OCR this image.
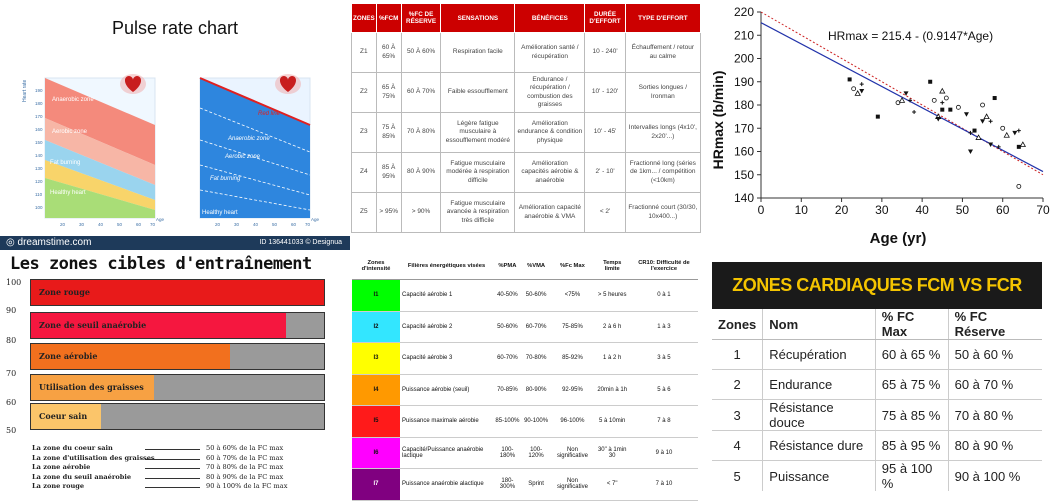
Pulse rate chart
Anaerobic zone
Aerobic zone
Fat burning
Healthy heart
Heart rate
Red line
Anaerobic zone
Aerobic zone
Fat burning
Healthy heart
190
180
170
160
150
140
130
120
110
100
20	30	40	50	60 70
Age
20	30	40	50	60 70
Age
◎ dreamstime.com	ID 136441033 © Designua
ZONES	%FCM	%FC DE RÉSERVE	SENSATIONS	BÉNÉFICES	DURÉE D'EFFORT	TYPE D'EFFORT
Z1	60 À 65%	50 À 60%	Respiration facile	Amélioration santé / récupération	10 - 240'	Échauffement / retour au calme
Z2	65 À 75%	60 À 70%	Faible essoufflement	Endurance / récupération / combustion des graisses	10' - 120'	Sorties longues / Ironman
Z3	75 À 85%	70 À 80%	Légère fatigue musculaire à essoufflement modéré	Amélioration endurance & condition physique	10' - 45'	Intervalles longs (4x10', 2x20'...)
Z4	85 À 95%	80 À 90%	Fatigue musculaire modérée à respiration difficile	Amélioration capacités aérobie & anaérobie	2' - 10'	Fractionné long (séries de 1km... / compétition (<10km)
Z5	> 95%	> 90%	Fatigue musculaire avancée à respiration très difficile	Amélioration capacité anaérobie & VMA	< 2'	Fractionné court (30/30, 10x400...)
HRmax (b/min)
Age (yr)
HRmax = 215.4 - (0.9147*Age)
0	10 20 30 40 50 60 70
140
150
160
170
180
190
200
210
220
Les zones cibles d'entraînement
100
90
80
70
60
50
Zone rouge
Zone de seuil anaérobie
Zone aérobie
Utilisation des graisses
Coeur sain
La zone du coeur sain	50 à 60% de la FC max
La zone d'utilisation des graisses	60 à 70% de la FC max
La zone aérobie	70 à 80% de la FC max
La zone du seuil anaérobie	80 à 90% de la FC max
La zone rouge	90 à 100% de la FC max
Zones d'intensité	Filières énergétiques visées	%PMA	%VMA	%Fc Max	Temps limite	CR10: Difficulté de l'exercice
I1	Capacité aérobie 1	40-50%	50-60%	<75%	> 5 heures	0 à 1
I2	Capacité aérobie 2	50-60%	60-70%	75-85%	2 à 6 h	1 à 3
I3	Capacité aérobie 3	60-70%	70-80%	85-92%	1 à 2 h	3 à 5
I4	Puissance aérobie (seuil)	70-85%	80-90%	92-95%	20min à 1h	5 à 6
I5	Puissance maximale aérobie	85-100%	90-100%	96-100%	5 à 10min	7 à 8
I6	Capacité/Puissance anaérobie lactique	100-180%	100-120%	Non significative	30" à 1min 30	9 à 10
I7	Puissance anaérobie alactique	180-300%	Sprint	Non significative	< 7"	7 à 10
ZONES CARDIAQUES FCM VS FCR
Zones	Nom	% FC Max	% FC Réserve
1	Récupération	60 à 65 %	50 à 60 %
2	Endurance	65 à 75 %	60 à 70 %
3	Résistance douce	75 à 85 %	70 à 80 %
4	Résistance dure	85 à 95 %	80 à 90 %
5	Puissance	95 à 100 %	90 à 100 %
